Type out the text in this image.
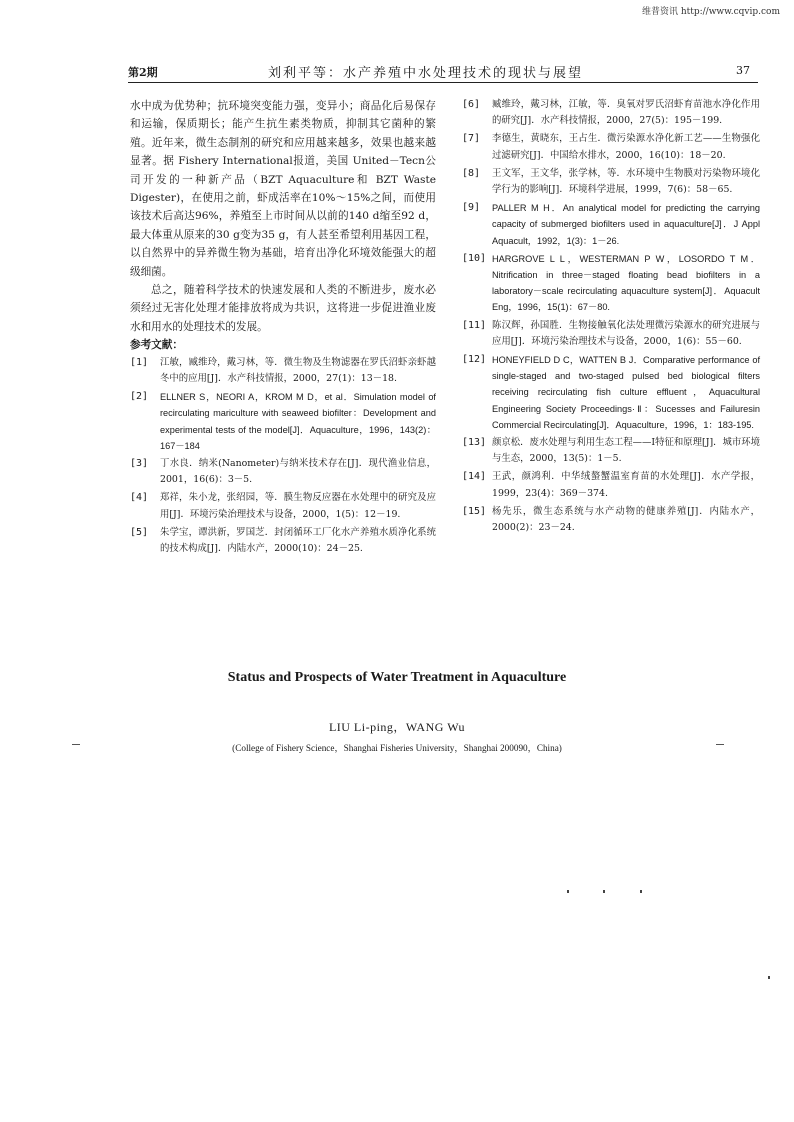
维普资讯 http://www.cqvip.com
第2期	刘利平等：水产养殖中水处理技术的现状与展望	37

水中成为优势种；抗环境突变能力强，变异小；商品化后易保存和运输，保质期长；能产生抗生素类物质，抑制其它菌种的繁殖。近年来，微生态制剂的研究和应用越来越多，效果也越来越显著。据 Fishery International报道，美国 United－Tecn公司开发的一种新产品（BZT Aquaculture和 BZT Waste Digester)，在使用之前，虾成活率在10%～15%之间，而使用该技术后高达96%，养殖至上市时间从以前的140 d缩至92 d，最大体重从原来的30 g变为35 g，有人甚至希望利用基因工程，以自然界中的异养微生物为基础，培育出净化环境效能强大的超级细菌。

总之，随着科学技术的快速发展和人类的不断进步，废水必须经过无害化处理才能排放将成为共识，这将进一步促进渔业废水和用水的处理技术的发展。

参考文献：

[1]	江敏，臧维玲，戴习林，等．微生物及生物滤器在罗氏沼虾亲虾越冬中的应用[J]．水产科技情报，2000，27(1)：13－18.
[2]	ELLNER S，NEORI A，KROM M D，et al．Simulation model of recirculating mariculture with seaweed biofilter：Development and experimental tests of the model[J]．Aquaculture，1996，143(2)：167－184
[3]	丁水良．纳米(Nanometer)与纳米技术存在[J]．现代渔业信息，2001，16(6)：3－5.
[4]	郑祥，朱小龙，张绍园，等．膜生物反应器在水处理中的研究及应用[J]．环境污染治理技术与设备，2000，1(5)：12－19.
[5]	朱学宝，谭洪新，罗国芝．封闭循环工厂化水产养殖水质净化系统的技术构成[J]．内陆水产，2000(10)：24－25.
[6]	臧维玲，戴习林，江敏，等．臭氧对罗氏沼虾育苗池水净化作用的研究[J]．水产科技情报，2000，27(5)：195－199.
[7]	李德生，黄晓东，王占生．微污染源水净化新工艺——生物强化过滤研究[J]．中国给水排水，2000，16(10)：18－20.
[8]	王文军，王文华，张学林，等．水环境中生物膜对污染物环境化学行为的影响[J]．环境科学进展，1999，7(6)：58－65.
[9]	PALLER M H．An analytical model for predicting the carrying capacity of submerged biofilters used in aquaculture[J]．J Appl Aquacult，1992，1(3)：1－26.
[10] HARGROVE L L，WESTERMAN P W，LOSORDO T M．Nitrification in three－staged floating bead biofilters in a laboratory－scale recirculating aquaculture system[J]．Aquacult Eng，1996，15(1)：67－80.
[11] 陈汉辉，孙国胜．生物接触氧化法处理微污染源水的研究进展与应用[J]．环境污染治理技术与设备，2000，1(6)：55－60.
[12] HONEYFIELD D C，WATTEN B J．Comparative performance of single-staged and two-staged pulsed bed biological filters receiving recirculating fish culture effluent，Aquacultural Engineering Society Proceedings·Ⅱ：Sucesses and Failuresin Commercial Recirculating[J]．Aquaculture，1996，1：183-195.
[13] 颜京松．废水处理与利用生态工程——Ⅰ特征和原理[J]．城市环境与生态，2000，13(5)：1－5.
[14] 王武，颜鸿利．中华绒螯蟹温室育苗的水处理[J]．水产学报，1999，23(4)：369－374.
[15] 杨先乐，微生态系统与水产动物的健康养殖[J]．内陆水产，2000(2)：23－24.
Status and Prospects of Water Treatment in Aquaculture
LIU Li-ping，WANG Wu
(College of Fishery Science，Shanghai Fisheries University，Shanghai 200090，China)
